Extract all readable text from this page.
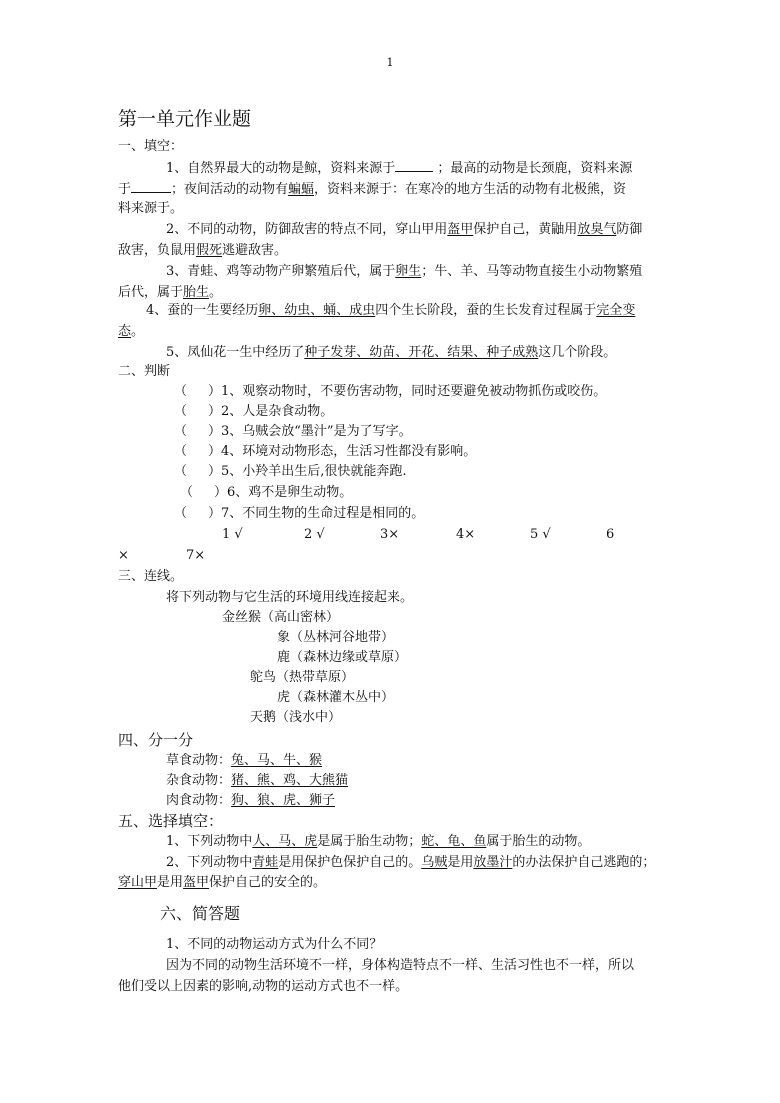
1
第一单元作业题
一、填空：
1、自然界最大的动物是鲸，资料来源于	；最高的动物是长颈鹿，资料来源
于	；夜间活动的动物有蝙蝠，资料来源于：在寒冷的地方生活的动物有北极熊，资
料来源于。
2、不同的动物，防御敌害的特点不同，穿山甲用盔甲保护自己，黄鼬用放臭气防御
敌害，负鼠用假死逃避敌害。
3、青蛙、鸡等动物产卵繁殖后代，属于卵生；牛、羊、马等动物直接生小动物繁殖
后代，属于胎生。
4、蚕的一生要经历卵、幼虫、蛹、成虫四个生长阶段，蚕的生长发育过程属于完全变
态。
5、凤仙花一生中经历了种子发芽、幼苗、开花、结果、种子成熟这几个阶段。
二、判断
（ ）1、观察动物时，不要伤害动物，同时还要避免被动物抓伤或咬伤。
（ ）2、人是杂食动物。
（ ）3、乌贼会放“墨汁”是为了写字。
（ ）4、环境对动物形态，生活习性都没有影响。
（ ）5、小羚羊出生后,很快就能奔跑.
（ ）6、鸡不是卵生动物。
（ ）7、不同生物的生命过程是相同的。
1 √	2 √	3×	4×	5 √	6
×	7×
三、连线。
将下列动物与它生活的环境用线连接起来。
金丝猴（高山密林）
象（丛林河谷地带）
鹿（森林边缘或草原）
鸵鸟（热带草原）
虎（森林灌木丛中）
天鹅（浅水中）
四、分一分
草食动物：兔、马、牛、猴
杂食动物：猪、熊、鸡、大熊猫
肉食动物：狗、狼、虎、狮子
五、选择填空：
1、下列动物中人、马、虎是属于胎生动物；蛇、龟、鱼属于胎生的动物。
2、下列动物中青蛙是用保护色保护自己的。乌贼是用放墨汁的办法保护自己逃跑的；
穿山甲是用盔甲保护自己的安全的。
六、简答题
1、不同的动物运动方式为什么不同？
因为不同的动物生活环境不一样，身体构造特点不一样、生活习性也不一样，所以
他们受以上因素的影响,动物的运动方式也不一样。
